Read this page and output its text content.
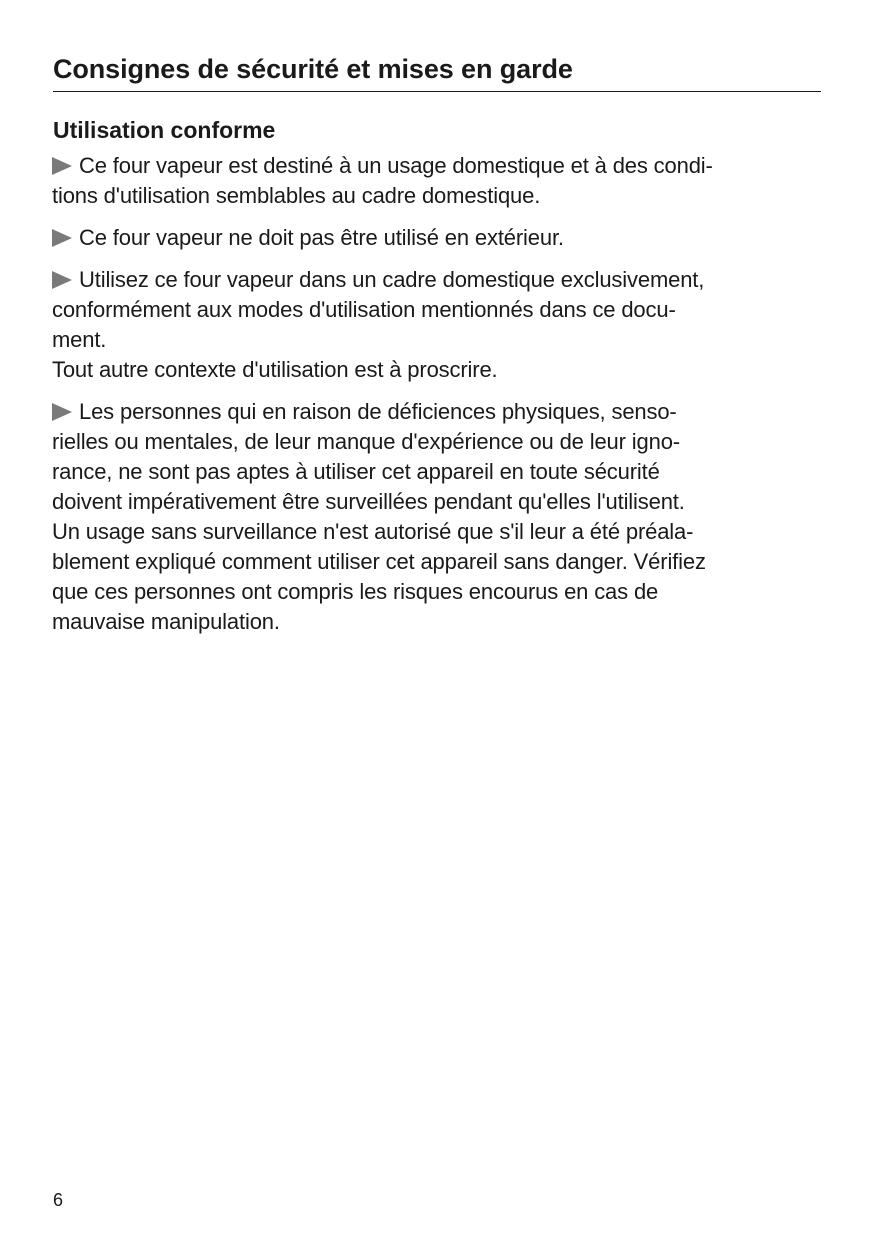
Consignes de sécurité et mises en garde
Utilisation conforme
Ce four vapeur est destiné à un usage domestique et à des condi-
tions d'utilisation semblables au cadre domestique.
Ce four vapeur ne doit pas être utilisé en extérieur.
Utilisez ce four vapeur dans un cadre domestique exclusivement,
conformément aux modes d'utilisation mentionnés dans ce docu-
ment.
Tout autre contexte d'utilisation est à proscrire.
Les personnes qui en raison de déficiences physiques, senso-
rielles ou mentales, de leur manque d'expérience ou de leur igno-
rance, ne sont pas aptes à utiliser cet appareil en toute sécurité
doivent impérativement être surveillées pendant qu'elles l'utilisent.
Un usage sans surveillance n'est autorisé que s'il leur a été préala-
blement expliqué comment utiliser cet appareil sans danger. Vérifiez
que ces personnes ont compris les risques encourus en cas de
mauvaise manipulation.
6
